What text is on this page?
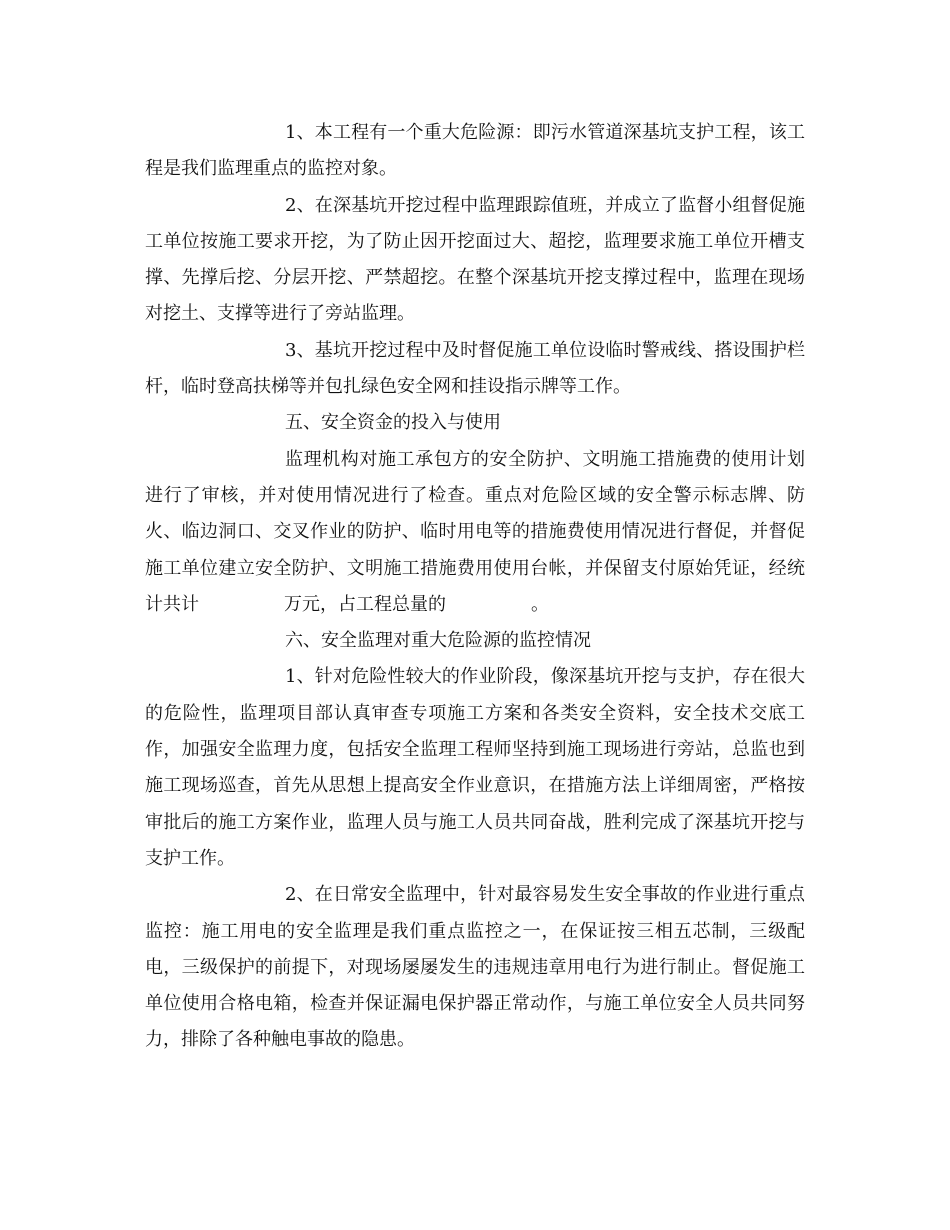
1、本工程有一个重大危险源：即污水管道深基坑支护工程，该工程是我们监理重点的监控对象。

2、在深基坑开挖过程中监理跟踪值班，并成立了监督小组督促施工单位按施工要求开挖，为了防止因开挖面过大、超挖，监理要求施工单位开槽支撑、先撑后挖、分层开挖、严禁超挖。在整个深基坑开挖支撑过程中，监理在现场对挖土、支撑等进行了旁站监理。

3、基坑开挖过程中及时督促施工单位设临时警戒线、搭设围护栏杆，临时登高扶梯等并包扎绿色安全网和挂设指示牌等工作。

五、安全资金的投入与使用

监理机构对施工承包方的安全防护、文明施工措施费的使用计划进行了审核，并对使用情况进行了检查。重点对危险区域的安全警示标志牌、防火、临边洞口、交叉作业的防护、临时用电等的措施费使用情况进行督促，并督促施工单位建立安全防护、文明施工措施费用使用台帐，并保留支付原始凭证，经统计共计	万元，占工程总量的	。

六、安全监理对重大危险源的监控情况

1、针对危险性较大的作业阶段，像深基坑开挖与支护，存在很大的危险性，监理项目部认真审查专项施工方案和各类安全资料，安全技术交底工作，加强安全监理力度，包括安全监理工程师坚持到施工现场进行旁站，总监也到施工现场巡查，首先从思想上提高安全作业意识，在措施方法上详细周密，严格按审批后的施工方案作业，监理人员与施工人员共同奋战，胜利完成了深基坑开挖与支护工作。

2、在日常安全监理中，针对最容易发生安全事故的作业进行重点监控：施工用电的安全监理是我们重点监控之一，在保证按三相五芯制，三级配电，三级保护的前提下，对现场屡屡发生的违规违章用电行为进行制止。督促施工单位使用合格电箱，检查并保证漏电保护器正常动作，与施工单位安全人员共同努力，排除了各种触电事故的隐患。
